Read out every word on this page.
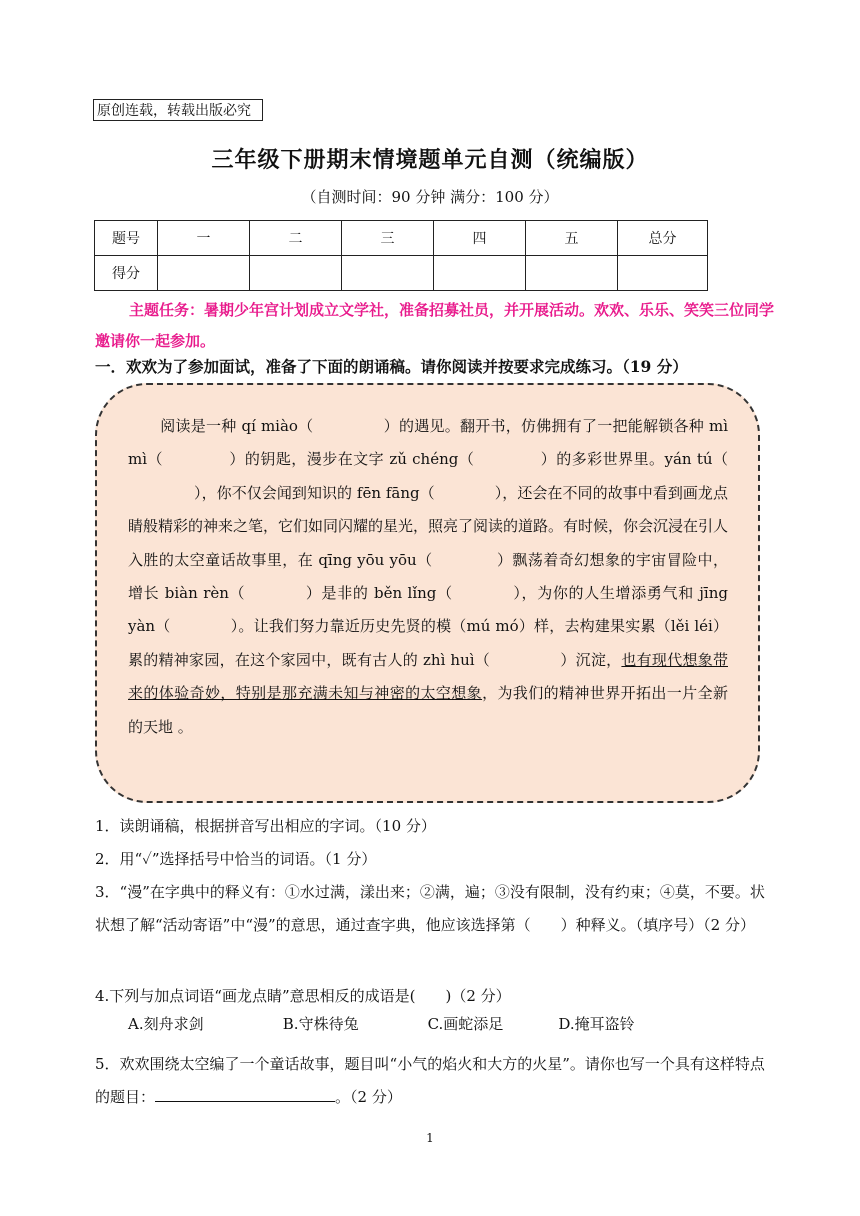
原创连载，转载出版必究
三年级下册期末情境题单元自测（统编版）
（自测时间：90 分钟 满分：100 分）
题号	一	二	三	四	五	总分
得分						
主题任务：暑期少年宫计划成立文学社，准备招募社员，并开展活动。欢欢、乐乐、笑笑三位同学邀请你一起参加。
一．欢欢为了参加面试，准备了下面的朗诵稿。请你阅读并按要求完成练习。（19 分）
阅读是一种 qí miào（	）的遇见。翻开书，仿佛拥有了一把能解锁各种 mì mì（	）的钥匙，漫步在文字 zǔ chéng（	）的多彩世界里。yán tú（），你不仅会闻到知识的 fēn fāng（	），还会在不同的故事中看到画龙点睛般精彩的神来之笔，它们如同闪耀的星光，照亮了阅读的道路。有时候，你会沉浸在引人入胜的太空童话故事里，在 qīng yōu yōu（	）飘荡着奇幻想象的宇宙冒险中，增长 biàn rèn（	）是非的 běn lǐng（	），为你的人生增添勇气和 jīng yàn（	）。让我们努力靠近历史先贤的模（mú mó）样，去构建果实累（lěi léi）累的精神家园，在这个家园中，既有古人的 zhì huì（	）沉淀，也有现代想象带来的体验奇妙，特别是那充满未知与神密的太空想象，为我们的精神世界开拓出一片全新的天地 。
1．读朗诵稿，根据拼音写出相应的字词。（10 分）
2．用“✓”选择括号中恰当的词语。（1 分）
3．“漫”在字典中的释义有：①水过满，漾出来；②满，遍；③没有限制，没有约束；④莫，不要。状状想了解“活动寄语”中“漫”的意思，通过查字典，他应该选择第（　　）种释义。（填序号）（2 分）
4.下列与加点词语“画龙点睛”意思相反的成语是(　　)（2 分）
A.刻舟求剑	B.守株待兔	C.画蛇添足	D.掩耳盗铃
5．欢欢围绕太空编了一个童话故事，题目叫“小气的焰火和大方的火星”。请你也写一个具有这样特点的题目：	。（2 分）
1
